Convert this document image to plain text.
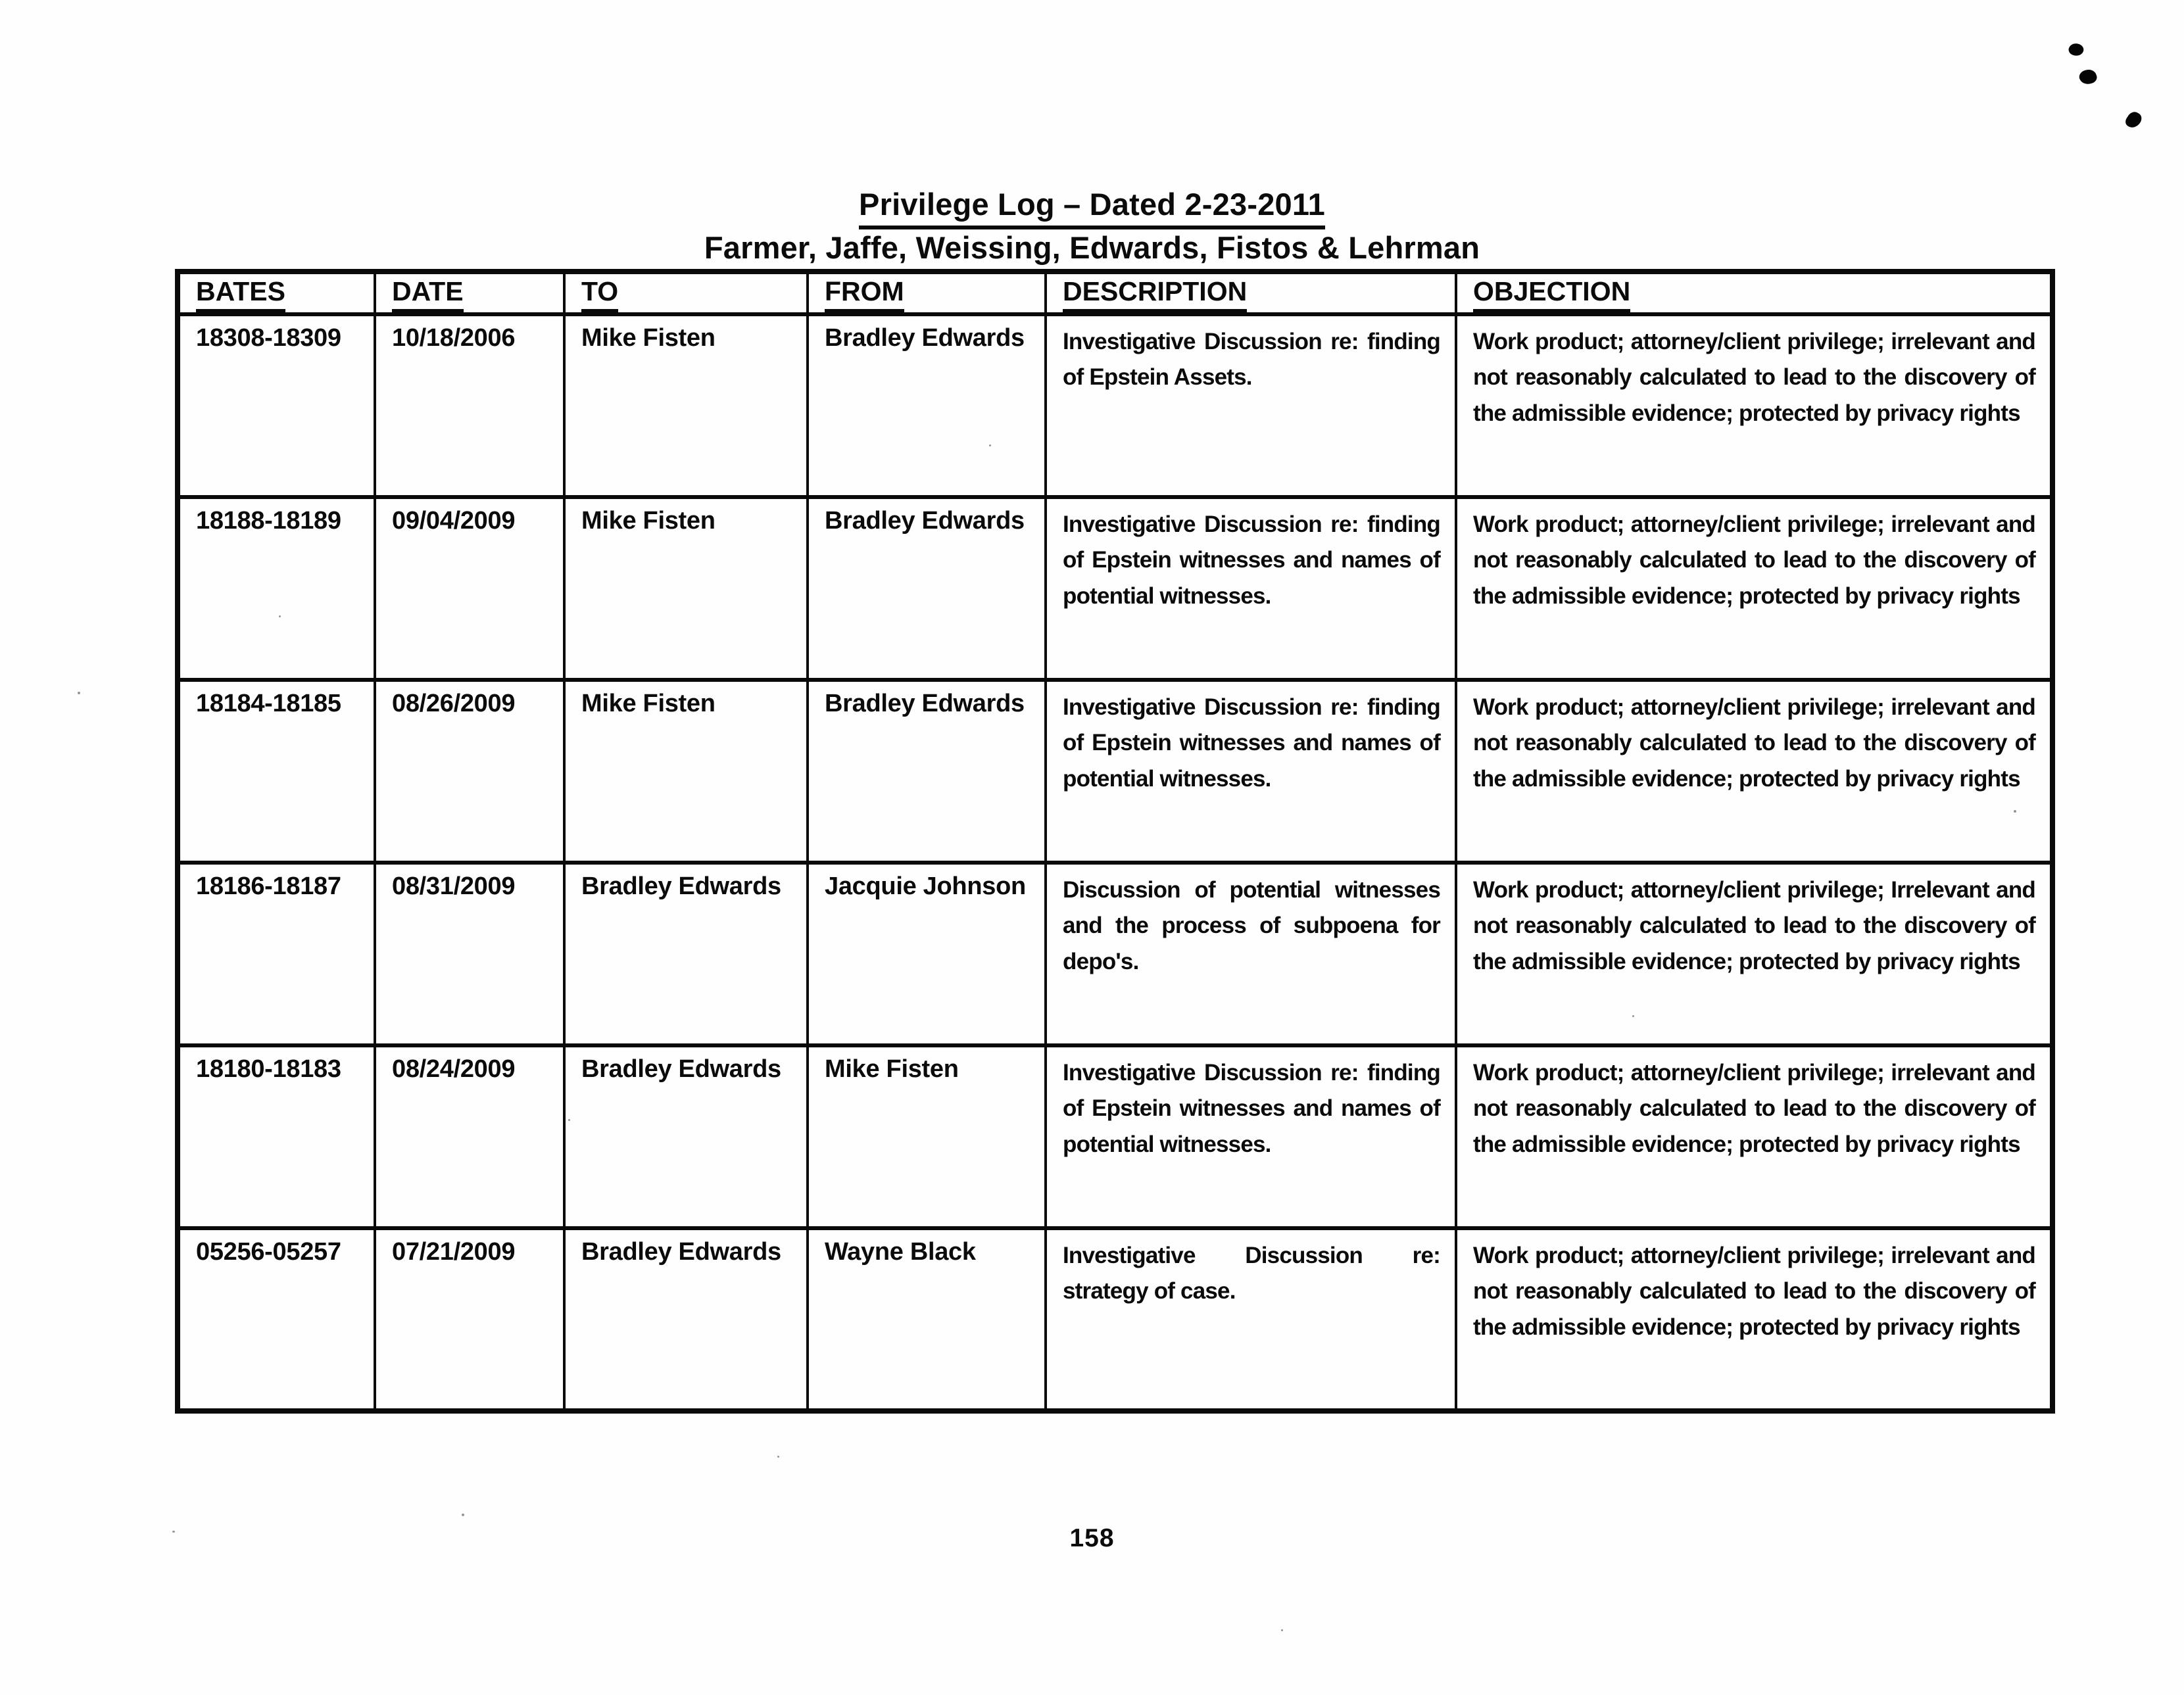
Privilege Log – Dated 2-23-2011
Farmer, Jaffe, Weissing, Edwards, Fistos & Lehrman
BATES	DATE	TO	FROM	DESCRIPTION	OBJECTION
18308-18309	10/18/2006	Mike Fisten	Bradley Edwards	Investigative Discussion re: finding of Epstein Assets.	Work product; attorney/client privilege; irrelevant and not reasonably calculated to lead to the discovery of the admissible evidence; protected by privacy rights
18188-18189	09/04/2009	Mike Fisten	Bradley Edwards	Investigative Discussion re: finding of Epstein witnesses and names of potential witnesses.	Work product; attorney/client privilege; irrelevant and not reasonably calculated to lead to the discovery of the admissible evidence; protected by privacy rights
18184-18185	08/26/2009	Mike Fisten	Bradley Edwards	Investigative Discussion re: finding of Epstein witnesses and names of potential witnesses.	Work product; attorney/client privilege; irrelevant and not reasonably calculated to lead to the discovery of the admissible evidence; protected by privacy rights
18186-18187	08/31/2009	Bradley Edwards	Jacquie Johnson	Discussion of potential witnesses and the process of subpoena for depo's.	Work product; attorney/client privilege; Irrelevant and not reasonably calculated to lead to the discovery of the admissible evidence; protected by privacy rights
18180-18183	08/24/2009	Bradley Edwards	Mike Fisten	Investigative Discussion re: finding of Epstein witnesses and names of potential witnesses.	Work product; attorney/client privilege; irrelevant and not reasonably calculated to lead to the discovery of the admissible evidence; protected by privacy rights
05256-05257	07/21/2009	Bradley Edwards	Wayne Black	Investigative Discussion re: strategy of case.	Work product; attorney/client privilege; irrelevant and not reasonably calculated to lead to the discovery of the admissible evidence; protected by privacy rights
158
